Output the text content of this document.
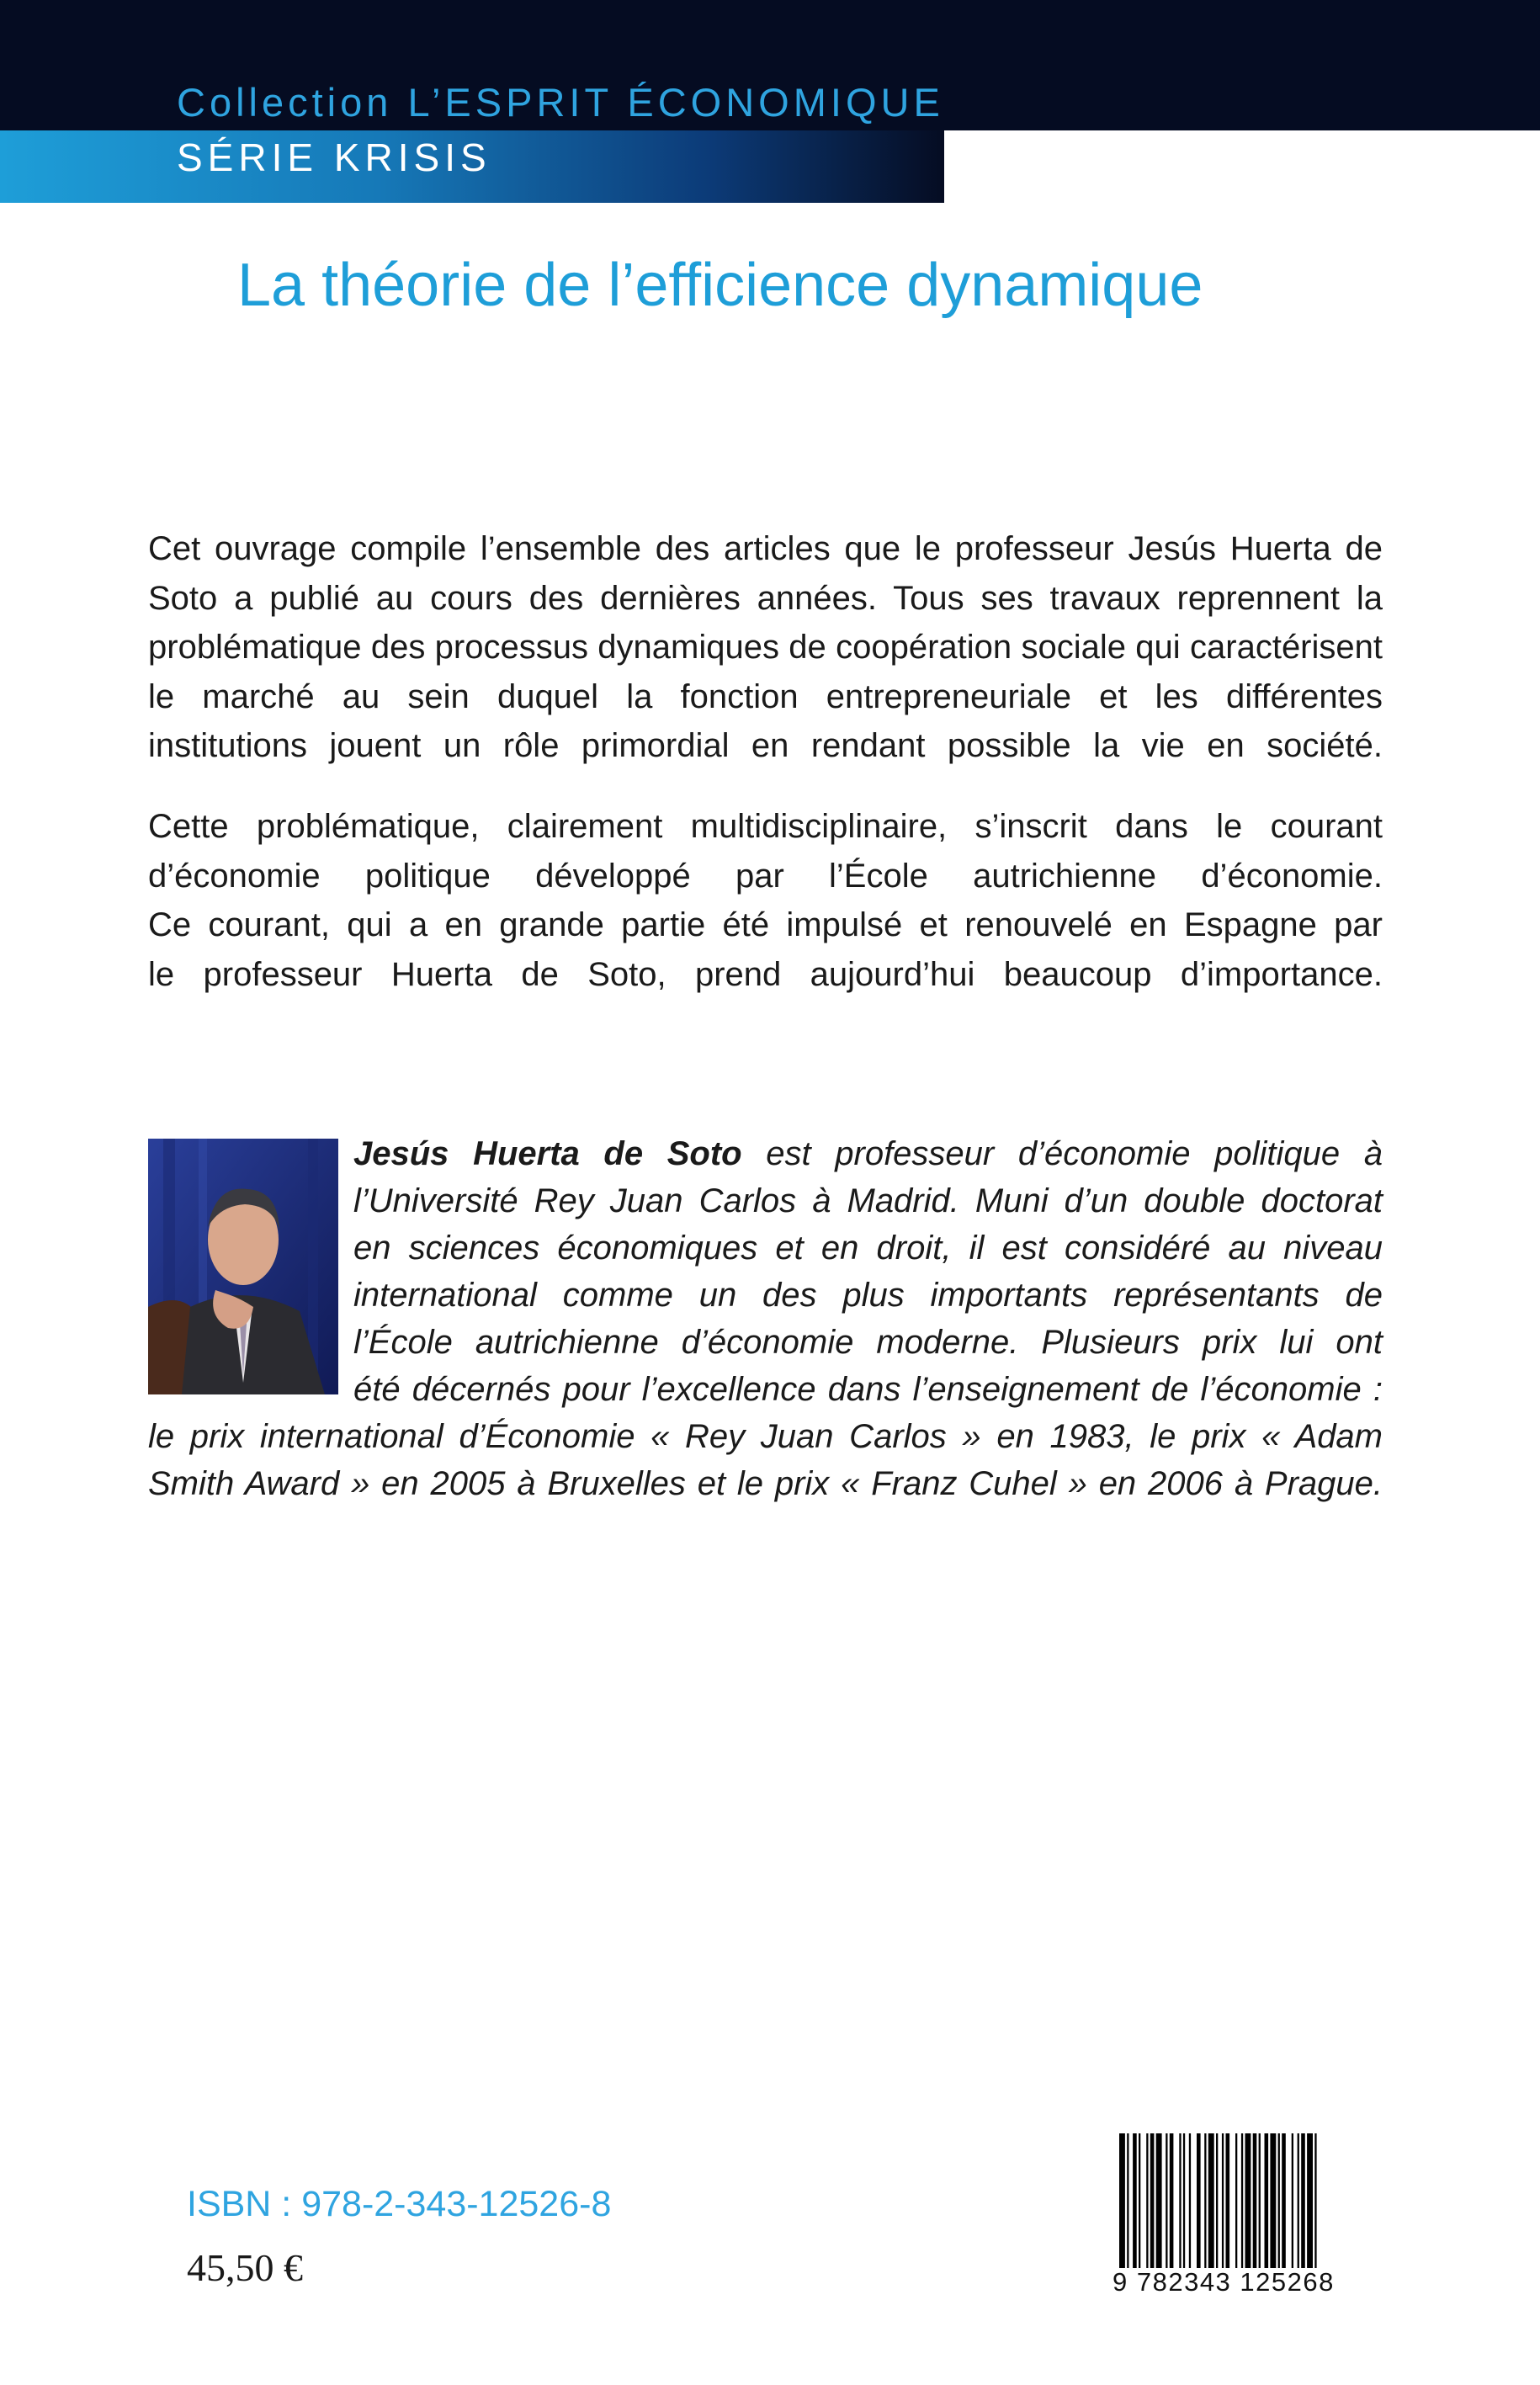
Collection L’ESPRIT ÉCONOMIQUE
SÉRIE KRISIS
La théorie de l’efficience dynamique
Cet ouvrage compile l’ensemble des articles que le professeur Jesús Huerta de
Soto a publié au cours des dernières années. Tous ses travaux reprennent la
problématique des processus dynamiques de coopération sociale qui caractérisent
le marché au sein duquel la fonction entrepreneuriale et les différentes
institutions jouent un rôle primordial en rendant possible la vie en société.
Cette problématique, clairement multidisciplinaire, s’inscrit dans le courant
d’économie politique développé par l’École autrichienne d’économie.
Ce courant, qui a en grande partie été impulsé et renouvelé en Espagne par
le professeur Huerta de Soto, prend aujourd’hui beaucoup d’importance.
Jesús Huerta de Soto est professeur d’économie politique à
l’Université Rey Juan Carlos à Madrid. Muni d’un double doctorat
en sciences économiques et en droit, il est considéré au niveau
international comme un des plus importants représentants de
l’École autrichienne d’économie moderne. Plusieurs prix lui ont
été décernés pour l’excellence dans l’enseignement de l’économie :
le prix international d’Économie « Rey Juan Carlos » en 1983, le prix « Adam
Smith Award » en 2005 à Bruxelles et le prix « Franz Cuhel » en 2006 à Prague.
ISBN : 978-2-343-12526-8
45,50 €	9 782343 125268
